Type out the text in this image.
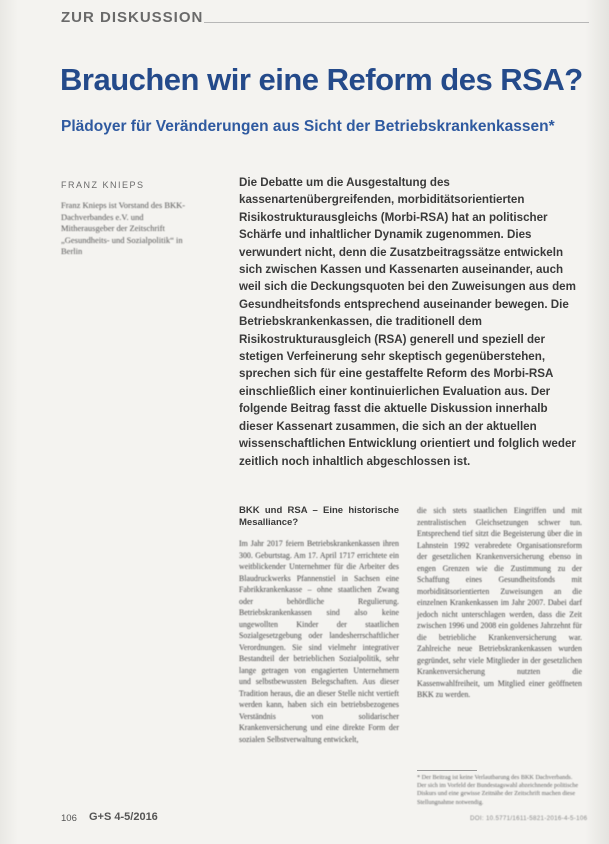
ZUR DISKUSSION
Brauchen wir eine Reform des RSA?
Plädoyer für Veränderungen aus Sicht der Betriebskrankenkassen*
FRANZ KNIEPS
Franz Knieps ist Vorstand des BKK-Dachverbandes e.V. und Mitherausgeber der Zeitschrift „Gesundheits- und Sozialpolitik“ in Berlin
Die Debatte um die Ausgestaltung des kassenartenübergreifenden, morbiditätsorientierten Risikostrukturausgleichs (Morbi-RSA) hat an politischer Schärfe und inhaltlicher Dynamik zugenommen. Dies verwundert nicht, denn die Zusatzbeitragssätze entwickeln sich zwischen Kassen und Kassenarten auseinander, auch weil sich die Deckungsquoten bei den Zuweisungen aus dem Gesundheitsfonds entsprechend auseinander bewegen. Die Betriebskrankenkassen, die traditionell dem Risikostrukturausgleich (RSA) generell und speziell der stetigen Verfeinerung sehr skeptisch gegenüberstehen, sprechen sich für eine gestaffelte Reform des Morbi-RSA einschließlich einer kontinuierlichen Evaluation aus. Der folgende Beitrag fasst die aktuelle Diskussion innerhalb dieser Kassenart zusammen, die sich an der aktuellen wissenschaftlichen Entwicklung orientiert und folglich weder zeitlich noch inhaltlich abgeschlossen ist.
BKK und RSA – Eine historische Mesalliance?
Im Jahr 2017 feiern Betriebskrankenkassen ihren 300. Geburtstag. Am 17. April 1717 errichtete ein weitblickender Unternehmer für die Arbeiter des Blaudruckwerks Pfannenstiel in Sachsen eine Fabrikkrankenkasse – ohne staatlichen Zwang oder behördliche Regulierung. Betriebskrankenkassen sind also keine ungewollten Kinder der staatlichen Sozialgesetzgebung oder landesherrschaftlicher Verordnungen. Sie sind vielmehr integrativer Bestandteil der betrieblichen Sozialpolitik, sehr lange getragen von engagierten Unternehmern und selbstbewussten Belegschaften. Aus dieser Tradition heraus, die an dieser Stelle nicht vertieft werden kann, haben sich ein betriebsbezogenes Verständnis von solidarischer Krankenversicherung und eine direkte Form der sozialen Selbstverwaltung entwickelt,
die sich stets staatlichen Eingriffen und mit zentralistischen Gleichsetzungen schwer tun. Entsprechend tief sitzt die Begeisterung über die in Lahnstein 1992 verabredete Organisationsreform der gesetzlichen Krankenversicherung ebenso in engen Grenzen wie die Zustimmung zu der Schaffung eines Gesundheitsfonds mit morbiditätsorientierten Zuweisungen an die einzelnen Krankenkassen im Jahr 2007. Dabei darf jedoch nicht unterschlagen werden, dass die Zeit zwischen 1996 und 2008 ein goldenes Jahrzehnt für die betriebliche Krankenversicherung war. Zahlreiche neue Betriebskrankenkassen wurden gegründet, sehr viele Mitglieder in der gesetzlichen Krankenversicherung nutzten die Kassenwahlfreiheit, um Mitglied einer geöffneten BKK zu werden.
* Der Beitrag ist keine Verlautbarung des BKK Dachverbands. Der sich im Vorfeld der Bundestagswahl abzeichnende politische Diskurs und eine gewisse Zeitnähe der Zeitschrift machen diese Stellungnahme notwendig.
106 G+S 4-5/2016	DOI: 10.5771/1611-5821-2016-4-5-106
